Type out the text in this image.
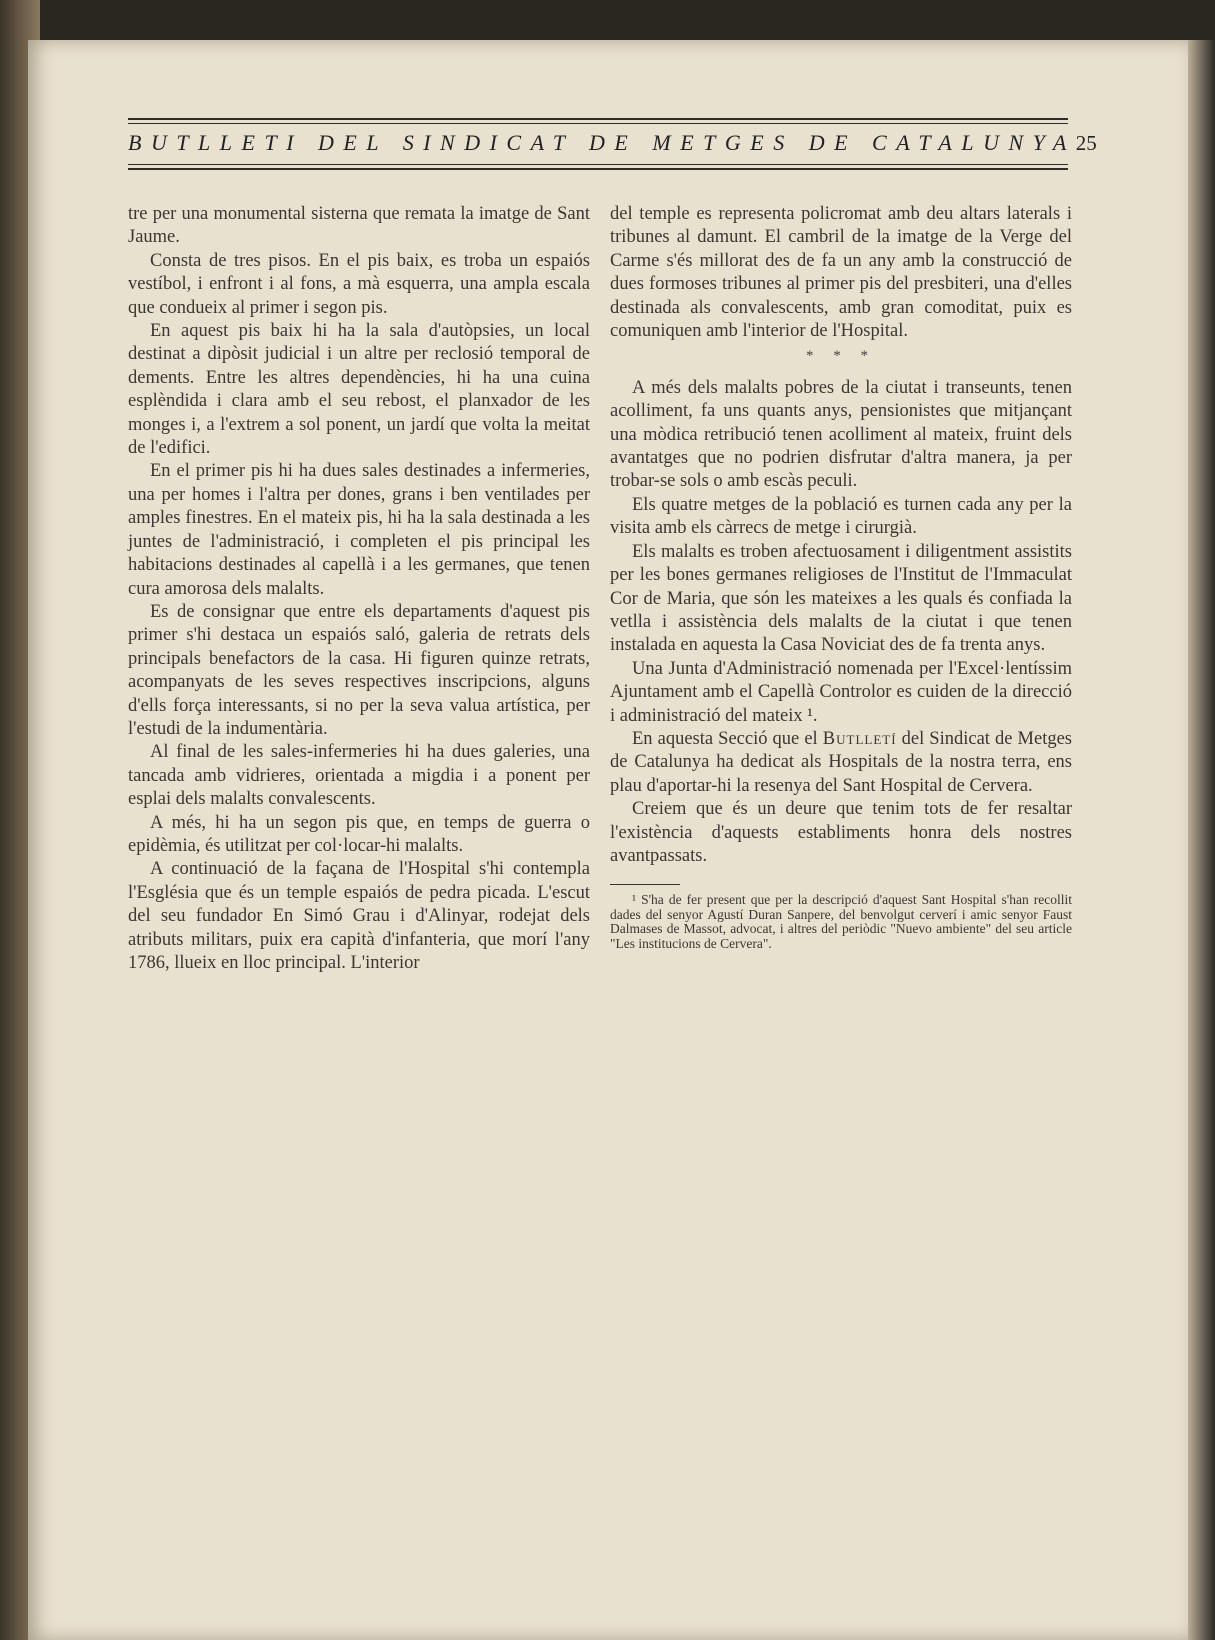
BUTLLETI DEL SINDICAT DE METGES DE CATALUNYA 25

tre per una monumental sisterna que remata la imatge de Sant Jaume.

Consta de tres pisos. En el pis baix, es troba un espaiós vestíbol, i enfront i al fons, a mà esquerra, una ampla escala que condueix al primer i segon pis.

En aquest pis baix hi ha la sala d'autòpsies, un local destinat a dipòsit judicial i un altre per reclosió temporal de dements. Entre les altres dependències, hi ha una cuina esplèndida i clara amb el seu rebost, el planxador de les monges i, a l'extrem a sol ponent, un jardí que volta la meitat de l'edifici.

En el primer pis hi ha dues sales destinades a infermeries, una per homes i l'altra per dones, grans i ben ventilades per amples finestres. En el mateix pis, hi ha la sala destinada a les juntes de l'administració, i completen el pis principal les habitacions destinades al capellà i a les germanes, que tenen cura amorosa dels malalts.

Es de consignar que entre els departaments d'aquest pis primer s'hi destaca un espaiós saló, galeria de retrats dels principals benefactors de la casa. Hi figuren quinze retrats, acompanyats de les seves respectives inscripcions, alguns d'ells força interessants, si no per la seva valua artística, per l'estudi de la indumentària.

Al final de les sales-infermeries hi ha dues galeries, una tancada amb vidrieres, orientada a migdia i a ponent per esplai dels malalts convalescents.

A més, hi ha un segon pis que, en temps de guerra o epidèmia, és utilitzat per col·locar-hi malalts.

A continuació de la façana de l'Hospital s'hi contempla l'Església que és un temple espaiós de pedra picada. L'escut del seu fundador En Simó Grau i d'Alinyar, rodejat dels atributs militars, puix era capità d'infanteria, que morí l'any 1786, llueix en lloc principal. L'interior

del temple es representa policromat amb deu altars laterals i tribunes al damunt. El cambril de la imatge de la Verge del Carme s'és millorat des de fa un any amb la construcció de dues formoses tribunes al primer pis del presbiteri, una d'elles destinada als convalescents, amb gran comoditat, puix es comuniquen amb l'interior de l'Hospital.

* * *

A més dels malalts pobres de la ciutat i transeunts, tenen acolliment, fa uns quants anys, pensionistes que mitjançant una mòdica retribució tenen acolliment al mateix, fruint dels avantatges que no podrien disfrutar d'altra manera, ja per trobar-se sols o amb escàs peculi.

Els quatre metges de la població es turnen cada any per la visita amb els càrrecs de metge i cirurgià.

Els malalts es troben afectuosament i diligentment assistits per les bones germanes religioses de l'Institut de l'Immaculat Cor de Maria, que són les mateixes a les quals és confiada la vetlla i assistència dels malalts de la ciutat i que tenen instalada en aquesta la Casa Noviciat des de fa trenta anys.

Una Junta d'Administració nomenada per l'Excel·lentíssim Ajuntament amb el Capellà Controlor es cuiden de la direcció i administració del mateix ¹.

En aquesta Secció que el Butlletí del Sindicat de Metges de Catalunya ha dedicat als Hospitals de la nostra terra, ens plau d'aportar-hi la resenya del Sant Hospital de Cervera.

Creiem que és un deure que tenim tots de fer resaltar l'existència d'aquests establiments honra dels nostres avantpassats.

¹ S'ha de fer present que per la descripció d'aquest Sant Hospital s'han recollit dades del senyor Agustí Duran Sanpere, del benvolgut cerverí i amic senyor Faust Dalmases de Massot, advocat, i altres del periòdic "Nuevo ambiente" del seu article "Les institucions de Cervera".
